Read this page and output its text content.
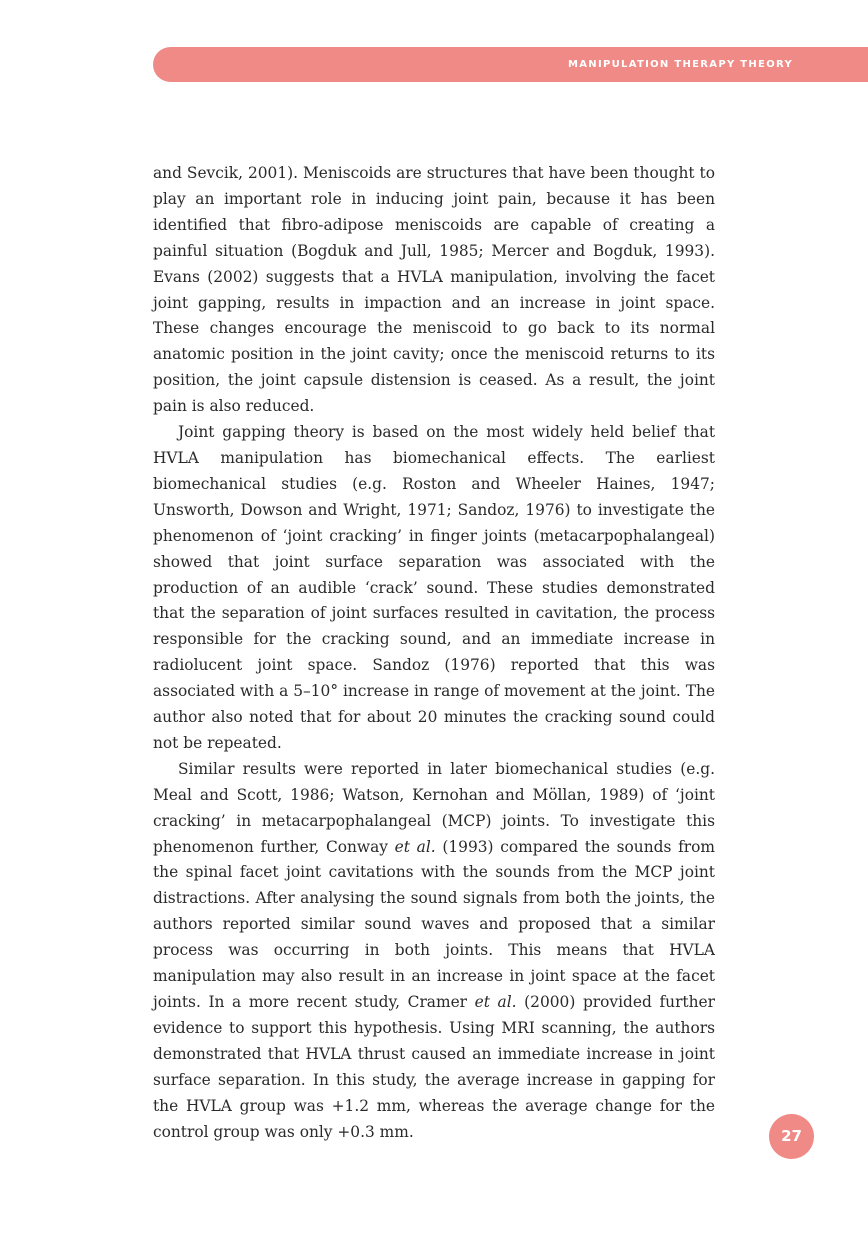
MANIPULATION THERAPY THEORY

and Sevcik, 2001). Meniscoids are structures that have been thought to play an important role in inducing joint pain, because it has been identified that fibro-adipose meniscoids are capable of creating a painful situation (Bogduk and Jull, 1985; Mercer and Bogduk, 1993). Evans (2002) suggests that a HVLA manipulation, involving the facet joint gapping, results in impaction and an increase in joint space. These changes encourage the meniscoid to go back to its normal anatomic position in the joint cavity; once the meniscoid returns to its position, the joint capsule distension is ceased. As a result, the joint pain is also reduced.

Joint gapping theory is based on the most widely held belief that HVLA manipulation has biomechanical effects. The earliest biomechanical studies (e.g. Roston and Wheeler Haines, 1947; Unsworth, Dowson and Wright, 1971; Sandoz, 1976) to investigate the phenomenon of ‘joint cracking’ in finger joints (metacarpophalangeal) showed that joint surface separation was associated with the production of an audible ‘crack’ sound. These studies demonstrated that the separation of joint surfaces resulted in cavitation, the process responsible for the cracking sound, and an immediate increase in radiolucent joint space. Sandoz (1976) reported that this was associated with a 5–10° increase in range of movement at the joint. The author also noted that for about 20 minutes the cracking sound could not be repeated.

Similar results were reported in later biomechanical studies (e.g. Meal and Scott, 1986; Watson, Kernohan and Möllan, 1989) of ‘joint cracking’ in metacarpophalangeal (MCP) joints. To investigate this phenomenon further, Conway et al. (1993) compared the sounds from the spinal facet joint cavitations with the sounds from the MCP joint distractions. After analysing the sound signals from both the joints, the authors reported similar sound waves and proposed that a similar process was occurring in both joints. This means that HVLA manipulation may also result in an increase in joint space at the facet joints. In a more recent study, Cramer et al. (2000) provided further evidence to support this hypothesis. Using MRI scanning, the authors demonstrated that HVLA thrust caused an immediate increase in joint surface separation. In this study, the average increase in gapping for the HVLA group was +1.2 mm, whereas the average change for the control group was only +0.3 mm.	27
